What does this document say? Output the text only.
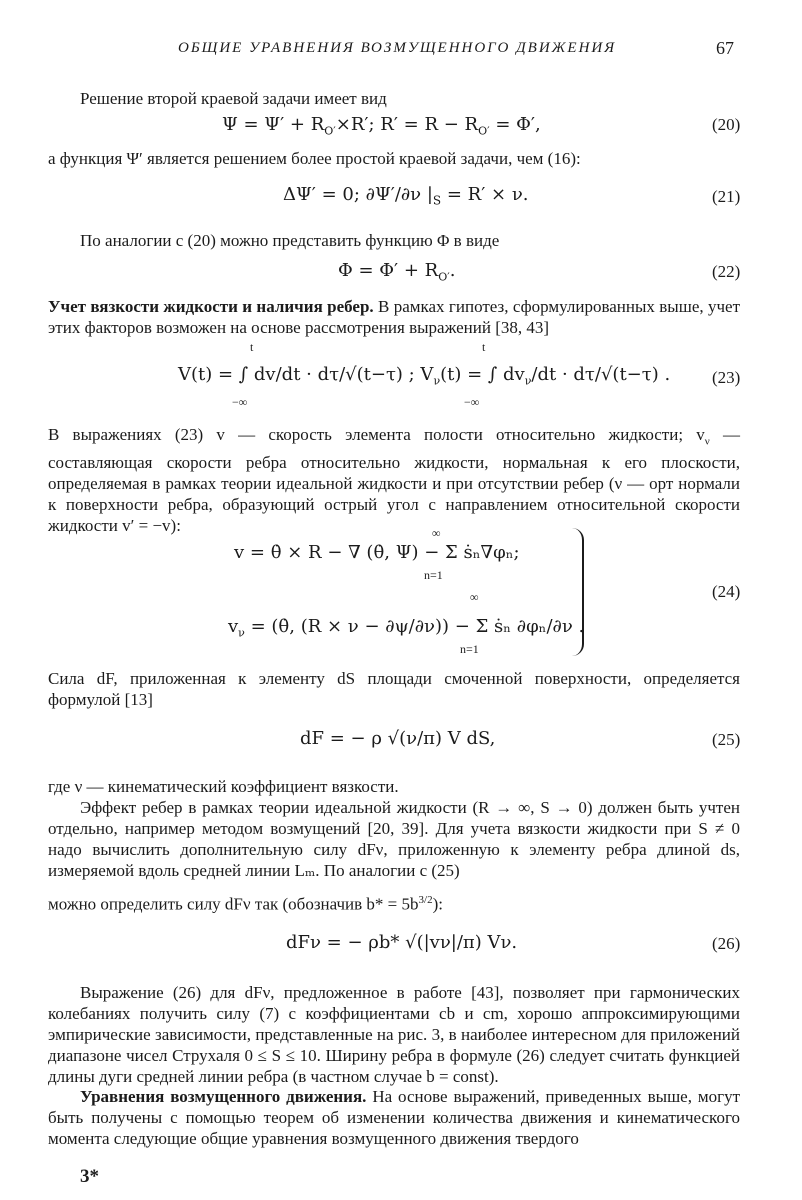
ОБЩИЕ УРАВНЕНИЯ ВОЗМУЩЕННОГО ДВИЖЕНИЯ	67
Решение второй краевой задачи имеет вид
$\Psi = \Psi' + R_{O'}\times R'$; $R' = R - R_{O'} = \Phi'$,	(20)
а функция Ψ′ является решением более простой краевой задачи, чем (16):
ΔΨ′ = 0; ∂Ψ′/∂ν $|_S = R' \times \nu$.	(21)
По аналогии с (20) можно представить функцию Φ в виде
$\Phi = \Phi' + R_{O'}$.	(22)
Учет вязкости жидкости и наличия ребер. В рамках гипотез, сформулированных выше, учет этих факторов возможен на основе рассмотрения выражений [38, 43]
V(t) = ∫ dv/dt · dτ/√(t−τ) ; $V_\nu(t)$ = ∫ $dv_\nu/dt \cdot d\tau/√(t-\tau)$ .
t
−∞
t
−∞
(23)
В выражениях (23) v — скорость элемента полости относительно жидкости; $v_\nu$ — составляющая скорости ребра относительно жидкости, нормальная к его плоскости, определяемая в рамках теории идеальной жидкости и при отсутствии ребер (ν — орт нормали к поверхности ребра, образующий острый угол с направлением относительной скорости жидкости v′ = −v):
v = θ̇ × R − ∇ (θ̇, Ψ) − Σ ṡₙ∇φₙ;
∞
n=1
$v_\nu$ = (θ̇, (R × ν − ∂ψ/∂ν)) − Σ ṡₙ ∂φₙ/∂ν .
∞
n=1
(24)
Сила dF, приложенная к элементу dS площади смоченной поверхности, определяется формулой [13]
dF = − ρ √(ν/π) V dS,	(25)
где ν — кинематический коэффициент вязкости.
Эффект ребер в рамках теории идеальной жидкости (R → ∞, S → 0) должен быть учтен отдельно, например методом возмущений [20, 39]. Для учета вязкости жидкости при S ≠ 0 надо вычислить дополнительную силу dFν, приложенную к элементу ребра длиной ds, измеряемой вдоль средней линии Lₘ. По аналогии с (25)
можно определить силу dFν так (обозначив $b* = 5b^{3/2}$):
dFν = − ρb* √(|vν|/π) Vν.	(26)
Выражение (26) для dFν, предложенное в работе [43], позволяет при гармонических колебаниях получить силу (7) с коэффициентами cb и cm, хорошо аппроксимирующими эмпирические зависимости, представленные на рис. 3, в наиболее интересном для приложений диапазоне чисел Струхаля 0 ≤ S ≤ 10. Ширину ребра в формуле (26) следует считать функцией длины дуги средней линии ребра (в частном случае b = const).
Уравнения возмущенного движения. На основе выражений, приведенных выше, могут быть получены с помощью теорем об изменении количества движения и кинематического момента следующие общие уравнения возмущенного движения твердого
3*
